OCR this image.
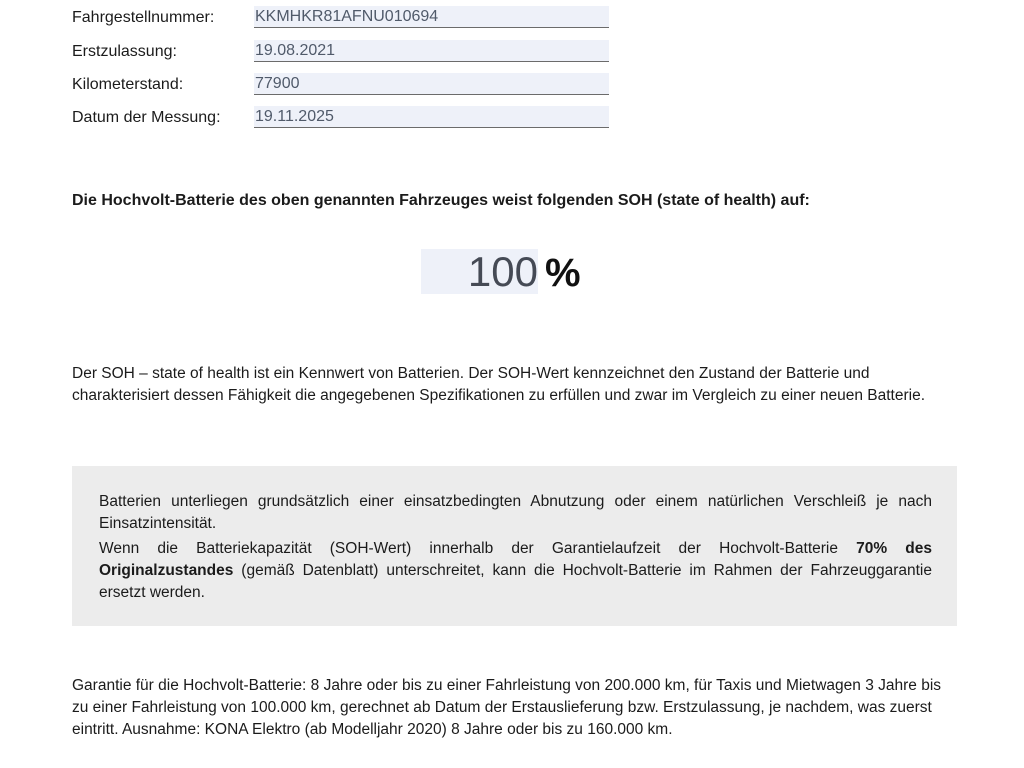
Fahrgestellnummer:	KKMHKR81AFNU010694
Erstzulassung:	19.08.2021
Kilometerstand:	77900
Datum der Messung: 19.11.2025
Die Hochvolt-Batterie des oben genannten Fahrzeuges weist folgenden SOH (state of health) auf:
100 %

Der SOH – state of health ist ein Kennwert von Batterien. Der SOH-Wert kennzeichnet den Zustand der Batterie und charakterisiert dessen Fähigkeit die angegebenen Spezifikationen zu erfüllen und zwar im Vergleich zu einer neuen Batterie.

Batterien unterliegen grundsätzlich einer einsatzbedingten Abnutzung oder einem natürlichen Verschleiß je nach Einsatzintensität.

Wenn die Batteriekapazität (SOH-Wert) innerhalb der Garantielaufzeit der Hochvolt-Batterie 70% des Originalzustandes (gemäß Datenblatt) unterschreitet, kann die Hochvolt-Batterie im Rahmen der Fahrzeuggarantie ersetzt werden.

Garantie für die Hochvolt-Batterie: 8 Jahre oder bis zu einer Fahrleistung von 200.000 km, für Taxis und Mietwagen 3 Jahre bis zu einer Fahrleistung von 100.000 km, gerechnet ab Datum der Erstauslieferung bzw. Erstzulassung, je nachdem, was zuerst eintritt. Ausnahme: KONA Elektro (ab Modelljahr 2020) 8 Jahre oder bis zu 160.000 km.
